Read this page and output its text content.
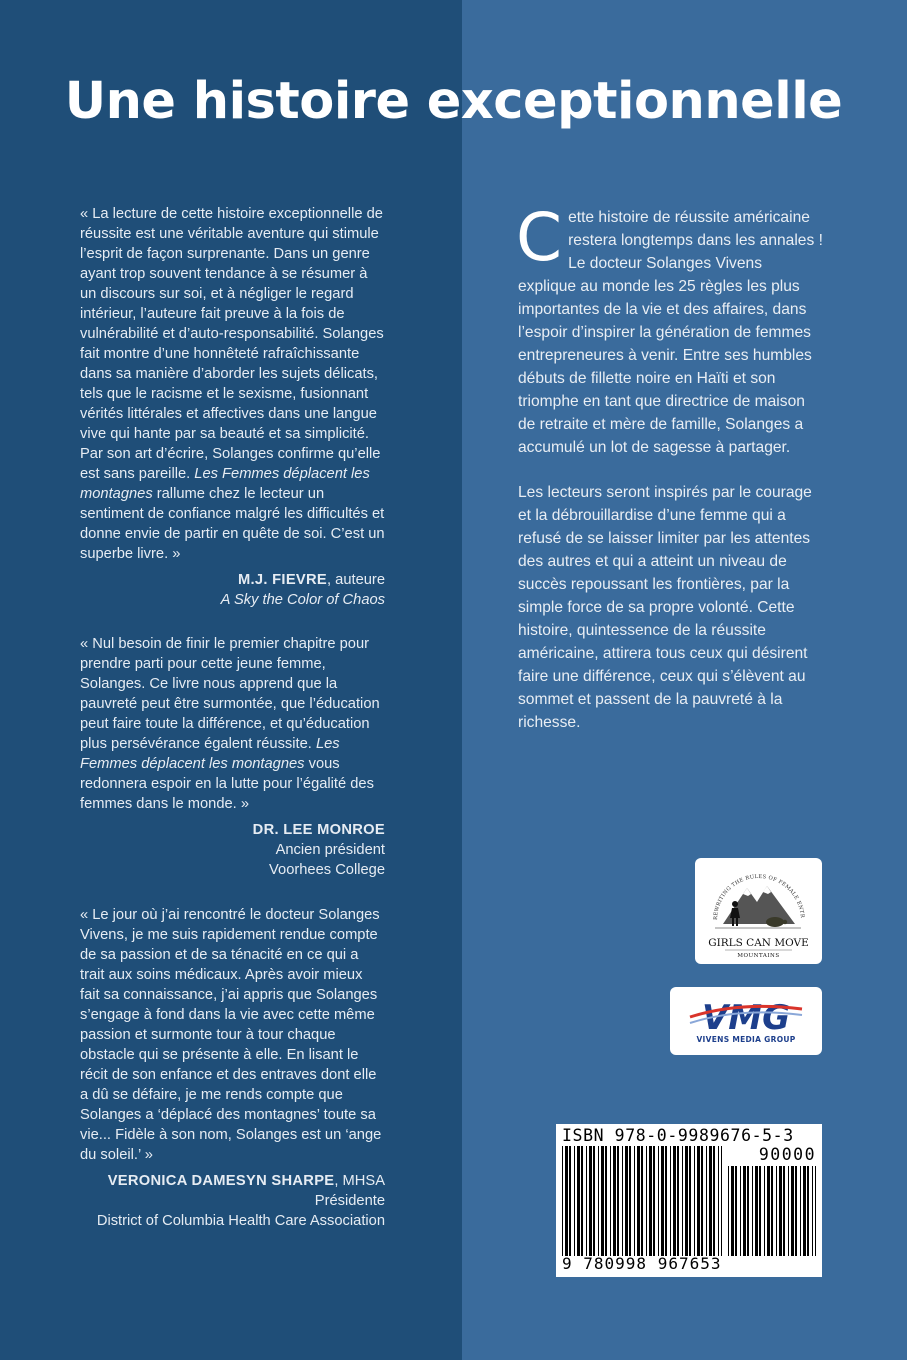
Une histoire exceptionnelle

« La lecture de cette histoire exceptionnelle de réussite est une véritable aventure qui stimule l’esprit de façon surprenante. Dans un genre ayant trop souvent tendance à se résumer à un discours sur soi, et à négliger le regard intérieur, l’auteure fait preuve à la fois de vulnérabilité et d’auto-responsabilité. Solanges fait montre d’une honnêteté rafraîchissante dans sa manière d’aborder les sujets délicats, tels que le racisme et le sexisme, fusionnant vérités littérales et affectives dans une langue vive qui hante par sa beauté et sa simplicité. Par son art d’écrire, Solanges confirme qu’elle est sans pareille. Les Femmes déplacent les montagnes rallume chez le lecteur un sentiment de confiance malgré les difficultés et donne envie de partir en quête de soi. C’est un superbe livre. »

M.J. FIEVRE, auteure
A Sky the Color of Chaos

« Nul besoin de finir le premier chapitre pour prendre parti pour cette jeune femme, Solanges. Ce livre nous apprend que la pauvreté peut être surmontée, que l’éducation peut faire toute la différence, et qu’éducation plus persévérance égalent réussite. Les Femmes déplacent les montagnes vous redonnera espoir en la lutte pour l’égalité des femmes dans le monde. »

DR. LEE MONROE
Ancien président
Voorhees College

« Le jour où j’ai rencontré le docteur Solanges Vivens, je me suis rapidement rendue compte de sa passion et de sa ténacité en ce qui a trait aux soins médicaux. Après avoir mieux fait sa connaissance, j’ai appris que Solanges s’engage à fond dans la vie avec cette même passion et surmonte tour à tour chaque obstacle qui se présente à elle. En lisant le récit de son enfance et des entraves dont elle a dû se défaire, je me rends compte que Solanges a ‘déplacé des montagnes’ toute sa vie... Fidèle à son nom, Solanges est un ‘ange du soleil.’ »

VERONICA DAMESYN SHARPE, MHSA
Présidente
District of Columbia Health Care Association

Cette histoire de réussite américaine restera longtemps dans les annales ! Le docteur Solanges Vivens explique au monde les 25 règles les plus importantes de la vie et des affaires, dans l’espoir d’inspirer la génération de femmes entrepreneures à venir. Entre ses humbles débuts de fillette noire en Haïti et son triomphe en tant que directrice de maison de retraite et mère de famille, Solanges a accumulé un lot de sagesse à partager.

Les lecteurs seront inspirés par le courage et la débrouillardise d’une femme qui a refusé de se laisser limiter par les attentes des autres et qui a atteint un niveau de succès repoussant les frontières, par la simple force de sa propre volonté. Cette histoire, quintessence de la réussite américaine, attirera tous ceux qui désirent faire une différence, ceux qui s’élèvent au sommet et passent de la pauvreté à la richesse.

REWRITING THE RULES OF FEMALE ENTR
GIRLS CAN MOVE
MOUNTAINS
VMG
VIVENS MEDIA GROUP
ISBN 978-0-9989676-5-3
90000
9 780998 967653
